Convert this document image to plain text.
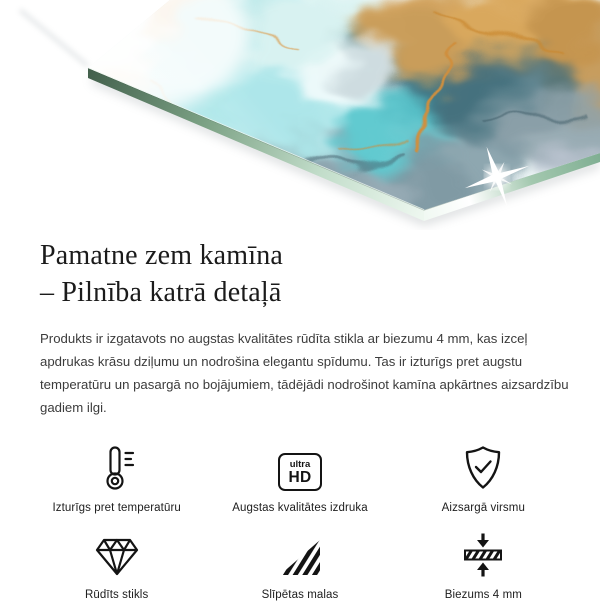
Pamatne zem kamīna
– Pilnība katrā detaļā
Produkts ir izgatavots no augstas kvalitātes rūdīta stikla ar biezumu 4 mm, kas izceļ apdrukas krāsu dziļumu un nodrošina elegantu spīdumu. Tas ir izturīgs pret augstu temperatūru un pasargā no bojājumiem, tādējādi nodrošinot kamīna apkārtnes aizsardzību gadiem ilgi.
Izturīgs pret temperatūru
ultra
HD
Augstas kvalitātes izdruka	Aizsargā virsmu
Rūdīts stikls	Slīpētas malas	Biezums 4 mm
